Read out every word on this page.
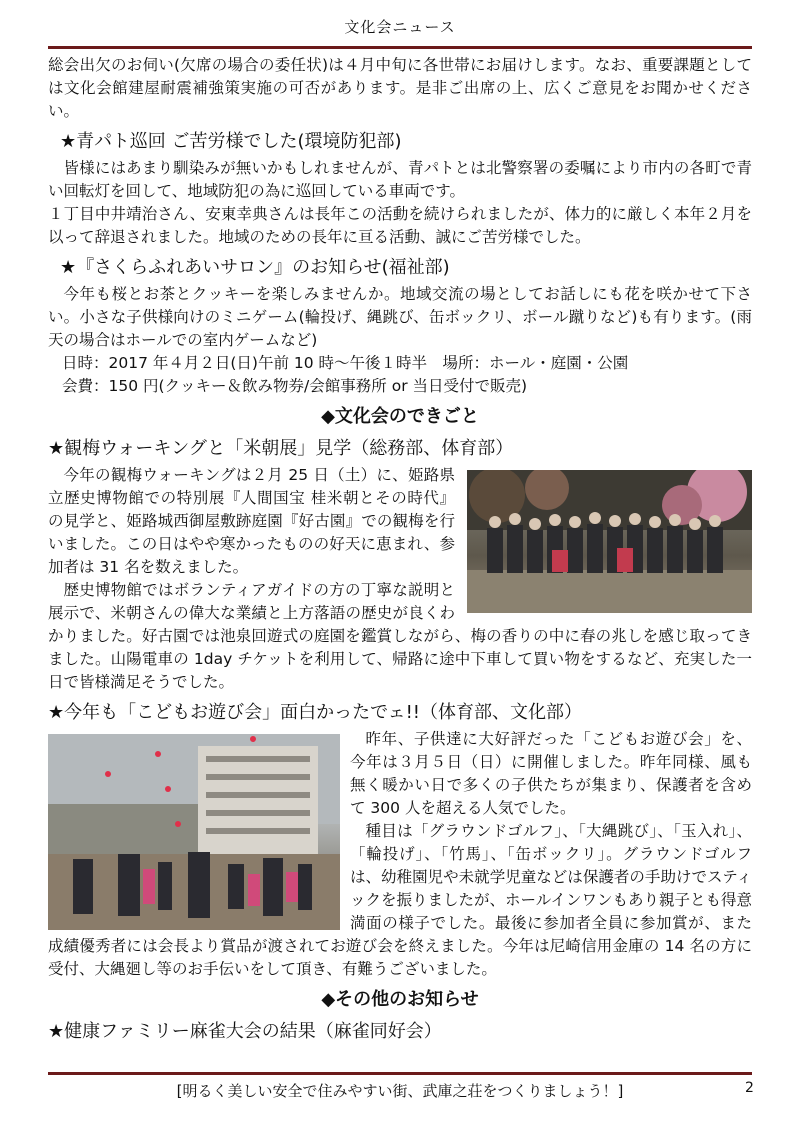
文化会ニュース

総会出欠のお伺い(欠席の場合の委任状)は４月中旬に各世帯にお届けします。なお、重要課題としては文化会館建屋耐震補強策実施の可否があります。是非ご出席の上、広くご意見をお聞かせください。

★青パト巡回 ご苦労様でした(環境防犯部)

皆様にはあまり馴染みが無いかもしれませんが、青パトとは北警察署の委嘱により市内の各町で青い回転灯を回して、地域防犯の為に巡回している車両です。

１丁目中井靖治さん、安東幸典さんは長年この活動を続けられましたが、体力的に厳しく本年２月を以って辞退されました。地域のための長年に亘る活動、誠にご苦労様でした。

★『さくらふれあいサロン』のお知らせ(福祉部)

今年も桜とお茶とクッキーを楽しみませんか。地域交流の場としてお話しにも花を咲かせて下さい。小さな子供様向けのミニゲーム(輪投げ、縄跳び、缶ボックリ、ボール蹴りなど)も有ります。(雨天の場合はホールでの室内ゲームなど)

日時：2017 年４月２日(日)午前 10 時～午後１時半　場所：ホール・庭園・公園

会費：150 円(クッキー＆飲み物券/会館事務所 or 当日受付で販売)

◆文化会のできごと
★観梅ウォーキングと「米朝展」見学（総務部、体育部）

今年の観梅ウォーキングは２月 25 日（土）に、姫路県立歴史博物館での特別展『人間国宝 桂米朝とその時代』の見学と、姫路城西御屋敷跡庭園『好古園』での観梅を行いました。この日はやや寒かったものの好天に恵まれ、参加者は 31 名を数えました。

歴史博物館ではボランティアガイドの方の丁寧な説明と展示で、米朝さんの偉大な業績と上方落語の歴史が良くわかりました。好古園では池泉回遊式の庭園を鑑賞しながら、梅の香りの中に春の兆しを感じ取ってきました。山陽電車の 1day チケットを利用して、帰路に途中下車して買い物をするなど、充実した一日で皆様満足そうでした。

★今年も「こどもお遊び会」面白かったでェ!!（体育部、文化部）

昨年、子供達に大好評だった「こどもお遊び会」を、今年は３月５日（日）に開催しました。昨年同様、風も無く暖かい日で多くの子供たちが集まり、保護者を含めて 300 人を超える人気でした。

種目は「グラウンドゴルフ」、「大縄跳び」、「玉入れ」、「輪投げ」、「竹馬」、「缶ボックリ」。グラウンドゴルフは、幼稚園児や未就学児童などは保護者の手助けでスティックを振りましたが、ホールインワンもあり親子とも得意満面の様子でした。最後に参加者全員に参加賞が、また成績優秀者には会長より賞品が渡されてお遊び会を終えました。今年は尼崎信用金庫の 14 名の方に受付、大縄廻し等のお手伝いをして頂き、有難うございました。

◆その他のお知らせ
★健康ファミリー麻雀大会の結果（麻雀同好会）
[明るく美しい安全で住みやすい街、武庫之荘をつくりましょう！]	2
